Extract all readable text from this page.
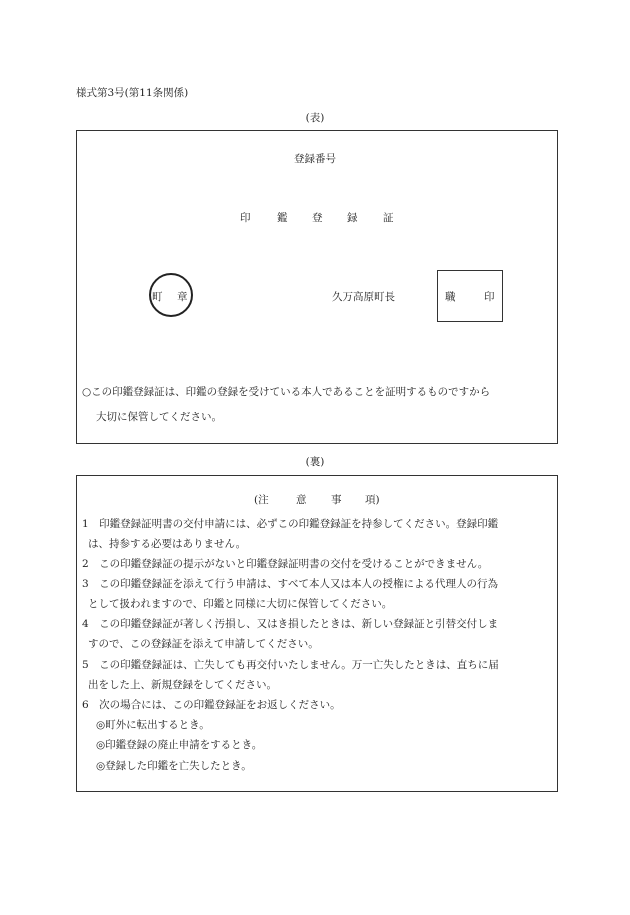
様式第3号(第11条関係)
(表)
登録番号
印	鑑 登 録 証
町 章	久万高原町長	職	印
○この印鑑登録証は、印鑑の登録を受けている本人であることを証明するものですから
大切に保管してください。
(裏)
(注	意 事 項)
1　印鑑登録証明書の交付申請には、必ずこの印鑑登録証を持参してください。登録印鑑
は、持参する必要はありません。
2　この印鑑登録証の提示がないと印鑑登録証明書の交付を受けることができません。
3　この印鑑登録証を添えて行う申請は、すべて本人又は本人の授権による代理人の行為
として扱われますので、印鑑と同様に大切に保管してください。
4　この印鑑登録証が著しく汚損し、又はき損したときは、新しい登録証と引替交付しま
すので、この登録証を添えて申請してください。
5　この印鑑登録証は、亡失しても再交付いたしません。万一亡失したときは、直ちに届
出をした上、新規登録をしてください。
6　次の場合には、この印鑑登録証をお返しください。
◎町外に転出するとき。
◎印鑑登録の廃止申請をするとき。
◎登録した印鑑を亡失したとき。
